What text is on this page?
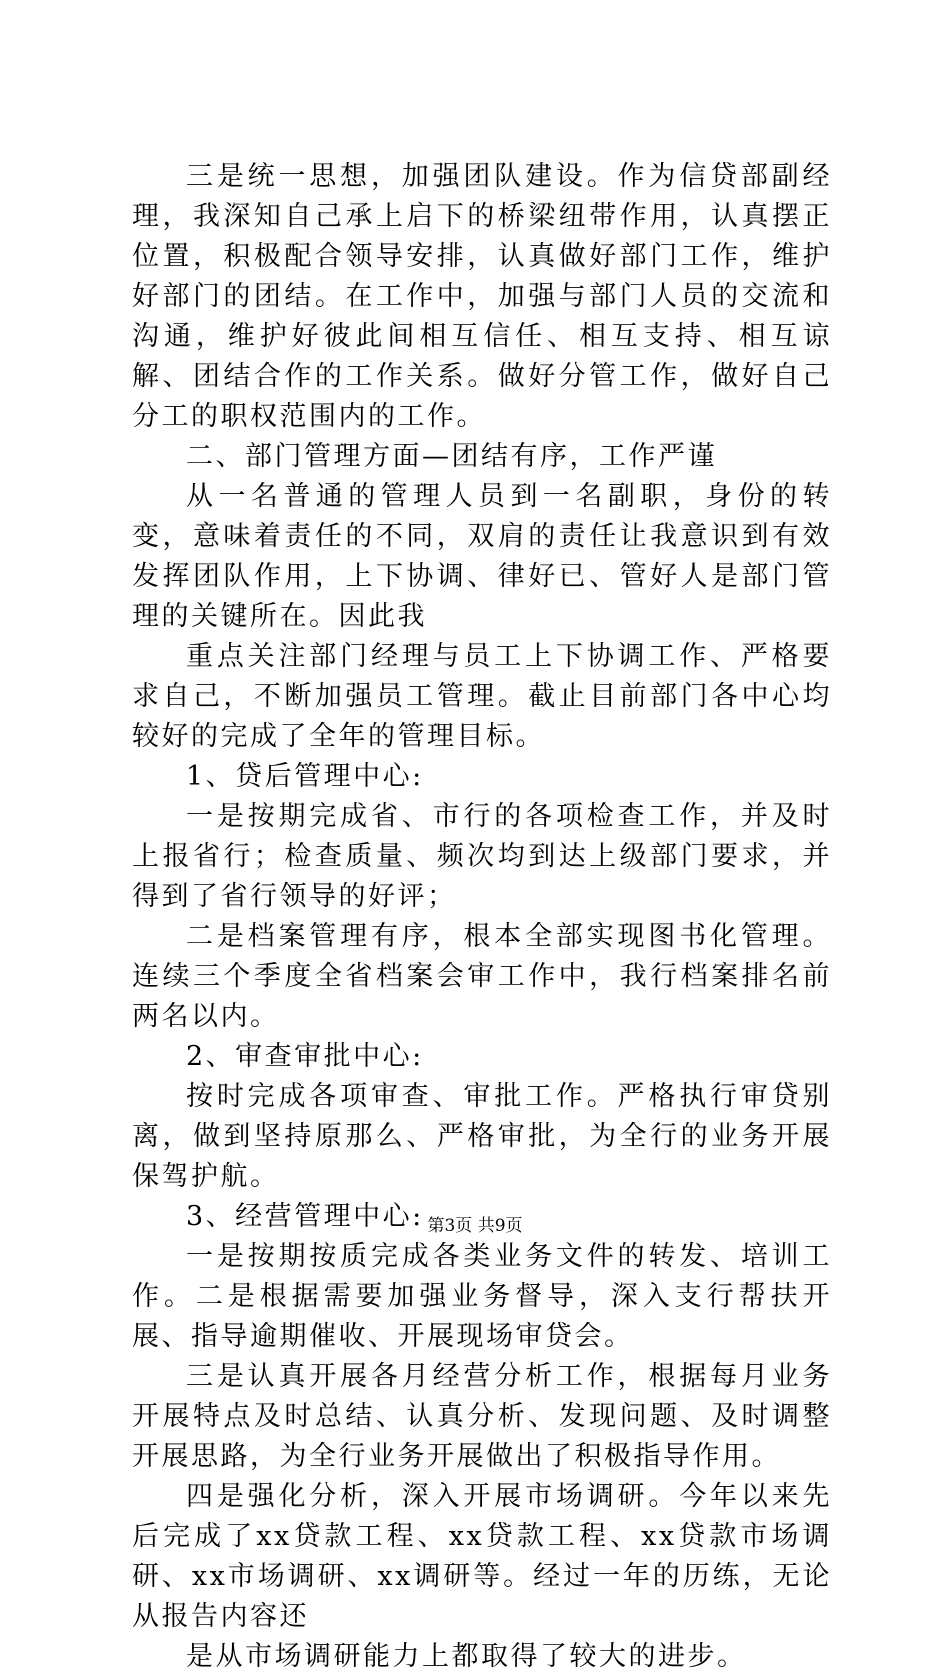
三是统一思想，加强团队建设。作为信贷部副经理，我深知自己承上启下的桥梁纽带作用，认真摆正位置，积极配合领导安排，认真做好部门工作，维护好部门的团结。在工作中，加强与部门人员的交流和沟通，维护好彼此间相互信任、相互支持、相互谅解、团结合作的工作关系。做好分管工作，做好自己分工的职权范围内的工作。

二、部门管理方面—团结有序，工作严谨

从一名普通的管理人员到一名副职，身份的转变，意味着责任的不同，双肩的责任让我意识到有效发挥团队作用，上下协调、律好已、管好人是部门管理的关键所在。因此我

重点关注部门经理与员工上下协调工作、严格要求自己，不断加强员工管理。截止目前部门各中心均较好的完成了全年的管理目标。

1、贷后管理中心:

一是按期完成省、市行的各项检查工作，并及时上报省行；检查质量、频次均到达上级部门要求，并得到了省行领导的好评；

二是档案管理有序，根本全部实现图书化管理。连续三个季度全省档案会审工作中，我行档案排名前两名以内。

2、审查审批中心:

按时完成各项审查、审批工作。严格执行审贷别离，做到坚持原那么、严格审批，为全行的业务开展保驾护航。

3、经营管理中心:

一是按期按质完成各类业务文件的转发、培训工作。二是根据需要加强业务督导，深入支行帮扶开展、指导逾期催收、开展现场审贷会。

三是认真开展各月经营分析工作，根据每月业务开展特点及时总结、认真分析、发现问题、及时调整开展思路，为全行业务开展做出了积极指导作用。

四是强化分析，深入开展市场调研。今年以来先后完成了xx贷款工程、xx贷款工程、xx贷款市场调研、xx市场调研、xx调研等。经过一年的历练，无论从报告内容还

是从市场调研能力上都取得了较大的进步。

第3页 共9页
